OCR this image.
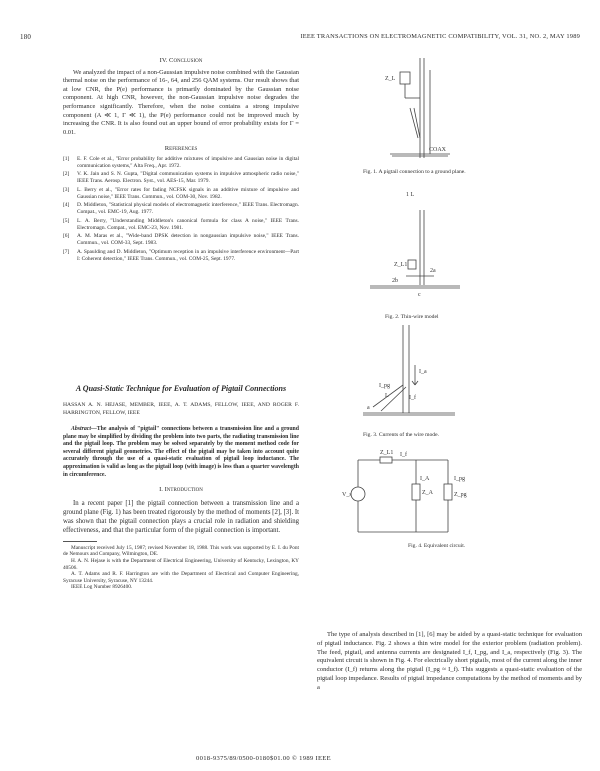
180	IEEE TRANSACTIONS ON ELECTROMAGNETIC COMPATIBILITY, VOL. 31, NO. 2, MAY 1989

IV. Conclusion

We analyzed the impact of a non-Gaussian impulsive noise combined with the Gaussian thermal noise on the performance of 16-, 64, and 256 QAM systems. Our result shows that at low CNR, the P(e) performance is primarily dominated by the Gaussian noise component. At high CNR, however, the non-Gaussian impulsive noise degrades the performance significantly. Therefore, when the noise contains a strong impulsive component (A ≪ 1, Γ ≪ 1), the P(e) performance could not be improved much by increasing the CNR. It is also found out an upper bound of error probability exists for Γ = 0.01.

References

[1]	E. F. Cole et al., "Error probability for additive mixtures of impulsive and Gaussian noise in digital communication systems," Alta Freq., Apr. 1972.
[2]	V. K. Jain and S. N. Gupta, "Digital communication systems in impulsive atmospheric radio noise," IEEE Trans. Aerosp. Electron. Syst., vol. AES-15, Mar. 1979.
[3]	L. Berry et al., "Error rates for fading NCFSK signals in an additive mixture of impulsive and Gaussian noise," IEEE Trans. Commun., vol. COM-30, Nov. 1982.
[4]	D. Middleton, "Statistical physical models of electromagnetic interference," IEEE Trans. Electromagn. Compat., vol. EMC-19, Aug. 1977.
[5]	L. A. Berry, "Understanding Middleton's canonical formula for class A noise," IEEE Trans. Electromagn. Compat., vol. EMC-23, Nov. 1981.
[6]	A. M. Maras et al., "Wide-band DPSK detection in nongaussian impulsive noise," IEEE Trans. Commun., vol. COM-33, Sept. 1983.
[7]	A. Spaulding and D. Middleton, "Optimum reception in an impulsive interference environment—Part I: Coherent detection," IEEE Trans. Commun., vol. COM-25, Sept. 1977.

A Quasi-Static Technique for Evaluation of Pigtail Connections

HASSAN A. N. HEJASE, MEMBER, IEEE, A. T. ADAMS, FELLOW, IEEE, AND ROGER F. HARRINGTON, FELLOW, IEEE

Abstract—The analysis of "pigtail" connections between a transmission line and a ground plane may be simplified by dividing the problem into two parts, the radiating transmission line and the pigtail loop. The problem may be solved separately by the moment method code for several different pigtail geometries. The effect of the pigtail may be taken into account quite accurately through the use of a quasi-static evaluation of pigtail loop inductance. The approximation is valid as long as the pigtail loop (with image) is less than a quarter wavelength in circumference.

I. Introduction

In a recent paper [1] the pigtail connection between a transmission line and a ground plane (Fig. 1) has been treated rigorously by the method of moments [2], [3]. It was shown that the pigtail connection plays a crucial role in radiation and shielding effectiveness, and that the particular form of the pigtail connection is important.

Manuscript received July 15, 1987; revised November 18, 1988. This work was supported by E. I. du Pont de Nemours and Company, Wilmington, DE.

H. A. N. Hejase is with the Department of Electrical Engineering, University of Kentucky, Lexington, KY 40506.

A. T. Adams and R. F. Harrington are with the Department of Electrical and Computer Engineering, Syracuse University, Syracuse, NY 13244.

IEEE Log Number 8926400.

Z_L
COAX
Fig. 1. A pigtail connection to a ground plane.
1 L
Z_L1
2b
2a
c
Fig. 2. Thin-wire model
I_a
I_pg
I_f
L
a
Fig. 3. Currents of the wire mode.
Z_L1 I_f
V_s	Z_A
I_A	I_pg
Z_pg
Fig. 4. Equivalent circuit.

The type of analysis described in [1], [6] may be aided by a quasi-static technique for evaluation of pigtail inductance. Fig. 2 shows a thin wire model for the exterior problem (radiation problem). The feed, pigtail, and antenna currents are designated I_f, I_pg, and I_a, respectively (Fig. 3). The equivalent circuit is shown in Fig. 4. For electrically short pigtails, most of the current along the inner conductor (I_f) returns along the pigtail (I_pg ≈ I_f). This suggests a quasi-static evaluation of the pigtail loop impedance. Results of pigtail impedance computations by the method of moments and by a

0018-9375/89/0500-0180$01.00 © 1989 IEEE
